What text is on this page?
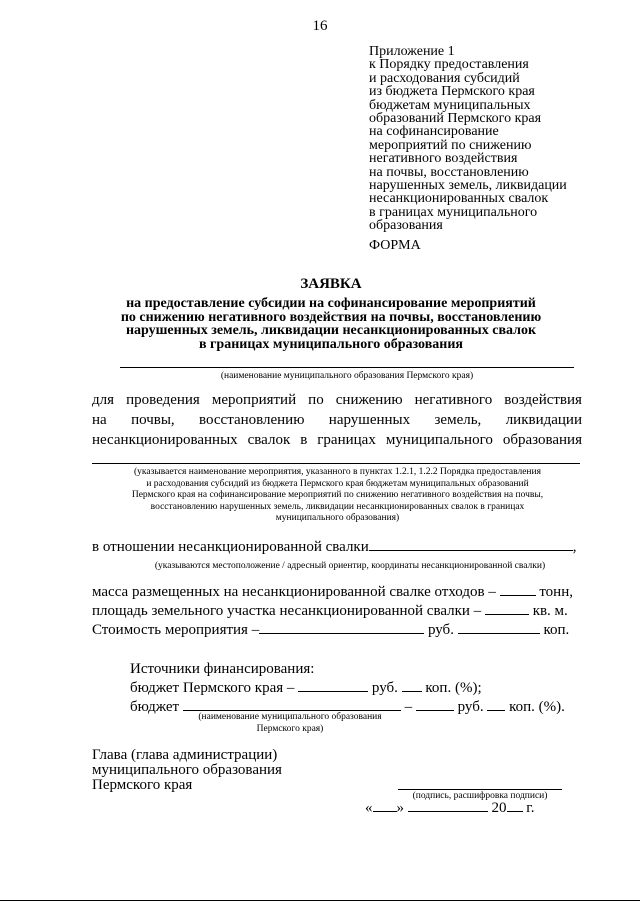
16
Приложение 1
к Порядку предоставления
и расходования субсидий
из бюджета Пермского края
бюджетам муниципальных
образований Пермского края
на софинансирование
мероприятий по снижению
негативного воздействия
на почвы, восстановлению
нарушенных земель, ликвидации
несанкционированных свалок
в границах муниципального
образования
ФОРМА
ЗАЯВКА
на предоставление субсидии на софинансирование мероприятий
по снижению негативного воздействия на почвы, восстановлению
нарушенных земель, ликвидации несанкционированных свалок
в границах муниципального образования
(наименование муниципального образования Пермского края)
для проведения мероприятий по снижению негативного воздействия
на почвы, восстановлению нарушенных земель, ликвидации
несанкционированных свалок в границах муниципального образования
(указывается наименование мероприятия, указанного в пунктах 1.2.1, 1.2.2 Порядка предоставления
и расходования субсидий из бюджета Пермского края бюджетам муниципальных образований
Пермского края на софинансирование мероприятий по снижению негативного воздействия на почвы,
восстановлению нарушенных земель, ликвидации несанкционированных свалок в границах
муниципального образования)
в отношении несанкционированной свалки	,
(указываются местоположение / адресный ориентир, координаты несанкционированной свалки)
масса размещенных на несанкционированной свалке отходов –	тонн,
площадь земельного участка несанкционированной свалки –	кв. м.
Стоимость мероприятия –	руб.	коп.
Источники финансирования:
бюджет Пермского края –	руб. коп. (%);
бюджет	–	руб. коп. (%).
(наименование муниципального образования
Пермского края)
Глава (глава администрации)
муниципального образования
Пермского края
(подпись, расшифровка подписи)
« »	20 г.
